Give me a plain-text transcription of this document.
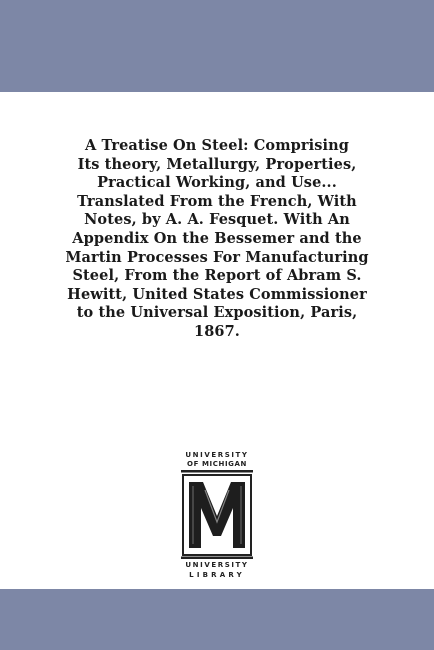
A Treatise On Steel: Comprising
Its theory, Metallurgy, Properties,
Practical Working, and Use...
Translated From the French, With
Notes, by A. A. Fesquet. With An
Appendix On the Bessemer and the
Martin Processes For Manufacturing
Steel, From the Report of Abram S.
Hewitt, United States Commissioner
to the Universal Exposition, Paris,
1867.
UNIVERSITY
OF MICHIGAN
UNIVERSITY
LIBRARY
